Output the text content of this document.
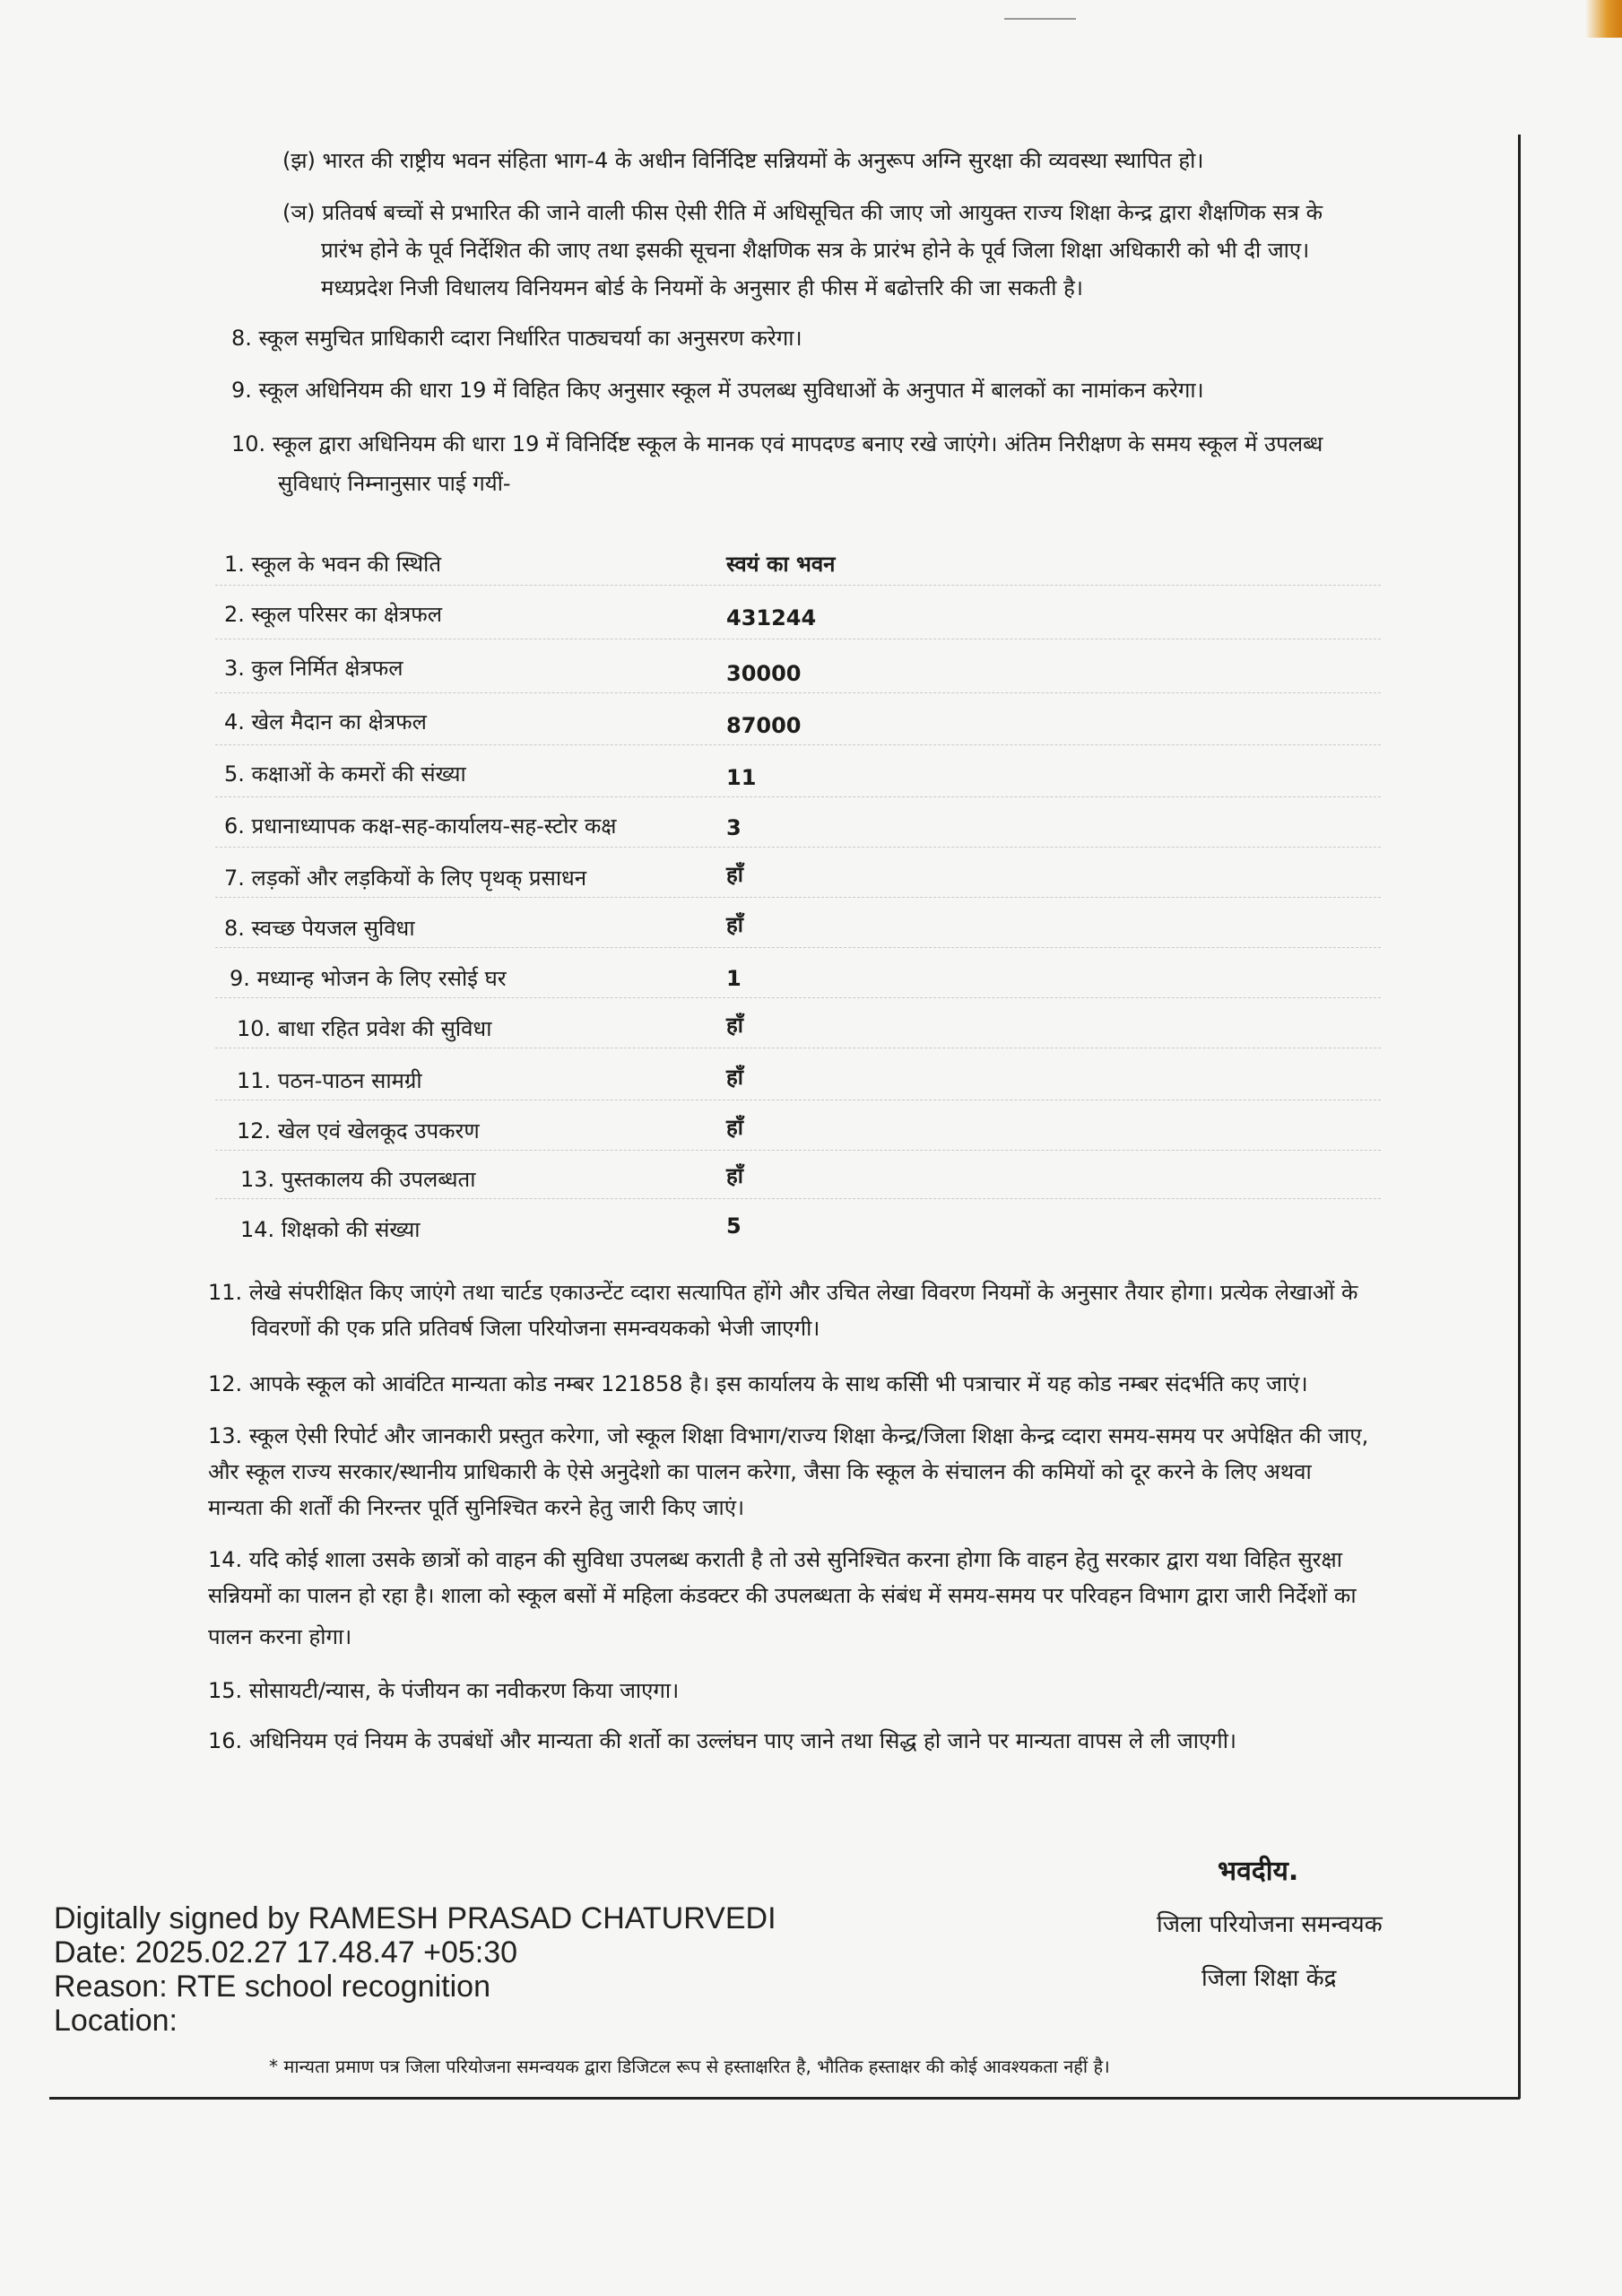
(झ) भारत की राष्ट्रीय भवन संहिता भाग-4 के अधीन विर्निदिष्ट सन्नियमों के अनुरूप अग्नि सुरक्षा की व्यवस्था स्थापित हो।
(ञ) प्रतिवर्ष बच्चों से प्रभारित की जाने वाली फीस ऐसी रीति में अधिसूचित की जाए जो आयुक्त राज्य शिक्षा केन्द्र द्वारा शैक्षणिक सत्र के
प्रारंभ होने के पूर्व निर्देशित की जाए तथा इसकी सूचना शैक्षणिक सत्र के प्रारंभ होने के पूर्व जिला शिक्षा अधिकारी को भी दी जाए।
मध्यप्रदेश निजी विधालय विनियमन बोर्ड के नियमों के अनुसार ही फीस में बढोत्तरि की जा सकती है।
8. स्कूल समुचित प्राधिकारी व्दारा निर्धारित पाठ्यचर्या का अनुसरण करेगा।
9. स्कूल अधिनियम की धारा 19 में विहित किए अनुसार स्कूल में उपलब्ध सुविधाओं के अनुपात में बालकों का नामांकन करेगा।
10. स्कूल द्वारा अधिनियम की धारा 19 में विनिर्दिष्ट स्कूल के मानक एवं मापदण्ड बनाए रखे जाएंगे। अंतिम निरीक्षण के समय स्कूल में उपलब्ध
सुविधाएं निम्नानुसार पाई गयीं-
1. स्कूल के भवन की स्थिति	स्वयं का भवन
2. स्कूल परिसर का क्षेत्रफल	431244
3. कुल निर्मित क्षेत्रफल	30000
4. खेल मैदान का क्षेत्रफल	87000
5. कक्षाओं के कमरों की संख्या	11
6. प्रधानाध्यापक कक्ष-सह-कार्यालय-सह-स्टोर कक्ष	3
7. लड़कों और लड़कियों के लिए पृथक् प्रसाधन	हाँ
8. स्वच्छ पेयजल सुविधा	हाँ
9. मध्यान्ह भोजन के लिए रसोई घर	1
10. बाधा रहित प्रवेश की सुविधा	हाँ
11. पठन-पाठन सामग्री	हाँ
12. खेल एवं खेलकूद उपकरण	हाँ
13. पुस्तकालय की उपलब्धता	हाँ
14. शिक्षको की संख्या	5
11. लेखे संपरीक्षित किए जाएंगे तथा चार्टड एकाउन्टेंट व्दारा सत्यापित होंगे और उचित लेखा विवरण नियमों के अनुसार तैयार होगा। प्रत्येक लेखाओं के
विवरणों की एक प्रति प्रतिवर्ष जिला परियोजना समन्वयकको भेजी जाएगी।
12. आपके स्कूल को आवंटित मान्यता कोड नम्बर 121858 है। इस कार्यालय के साथ कसिी भी पत्राचार में यह कोड नम्बर संदर्भति कए जाएं।
13. स्कूल ऐसी रिपोर्ट और जानकारी प्रस्तुत करेगा, जो स्कूल शिक्षा विभाग/राज्य शिक्षा केन्द्र/जिला शिक्षा केन्द्र व्दारा समय-समय पर अपेक्षित की जाए,
और स्कूल राज्य सरकार/स्थानीय प्राधिकारी के ऐसे अनुदेशो का पालन करेगा, जैसा कि स्कूल के संचालन की कमियों को दूर करने के लिए अथवा
मान्यता की शर्तों की निरन्तर पूर्ति सुनिश्चित करने हेतु जारी किए जाएं।
14. यदि कोई शाला उसके छात्रों को वाहन की सुविधा उपलब्ध कराती है तो उसे सुनिश्चित करना होगा कि वाहन हेतु सरकार द्वारा यथा विहित सुरक्षा
सन्नियमों का पालन हो रहा है। शाला को स्कूल बसों में महिला कंडक्टर की उपलब्धता के संबंध में समय-समय पर परिवहन विभाग द्वारा जारी निर्देशों का
पालन करना होगा।
15. सोसायटी/न्यास, के पंजीयन का नवीकरण किया जाएगा।
16. अधिनियम एवं नियम के उपबंधों और मान्यता की शर्तो का उल्लंघन पाए जाने तथा सिद्ध हो जाने पर मान्यता वापस ले ली जाएगी।
भवदीय.
जिला परियोजना समन्वयक
जिला शिक्षा केंद्र
Digitally signed by RAMESH PRASAD CHATURVEDI
Date: 2025.02.27 17.48.47 +05:30
Reason: RTE school recognition
Location:
* मान्यता प्रमाण पत्र जिला परियोजना समन्वयक द्वारा डिजिटल रूप से हस्ताक्षरित है, भौतिक हस्ताक्षर की कोई आवश्यकता नहीं है।
